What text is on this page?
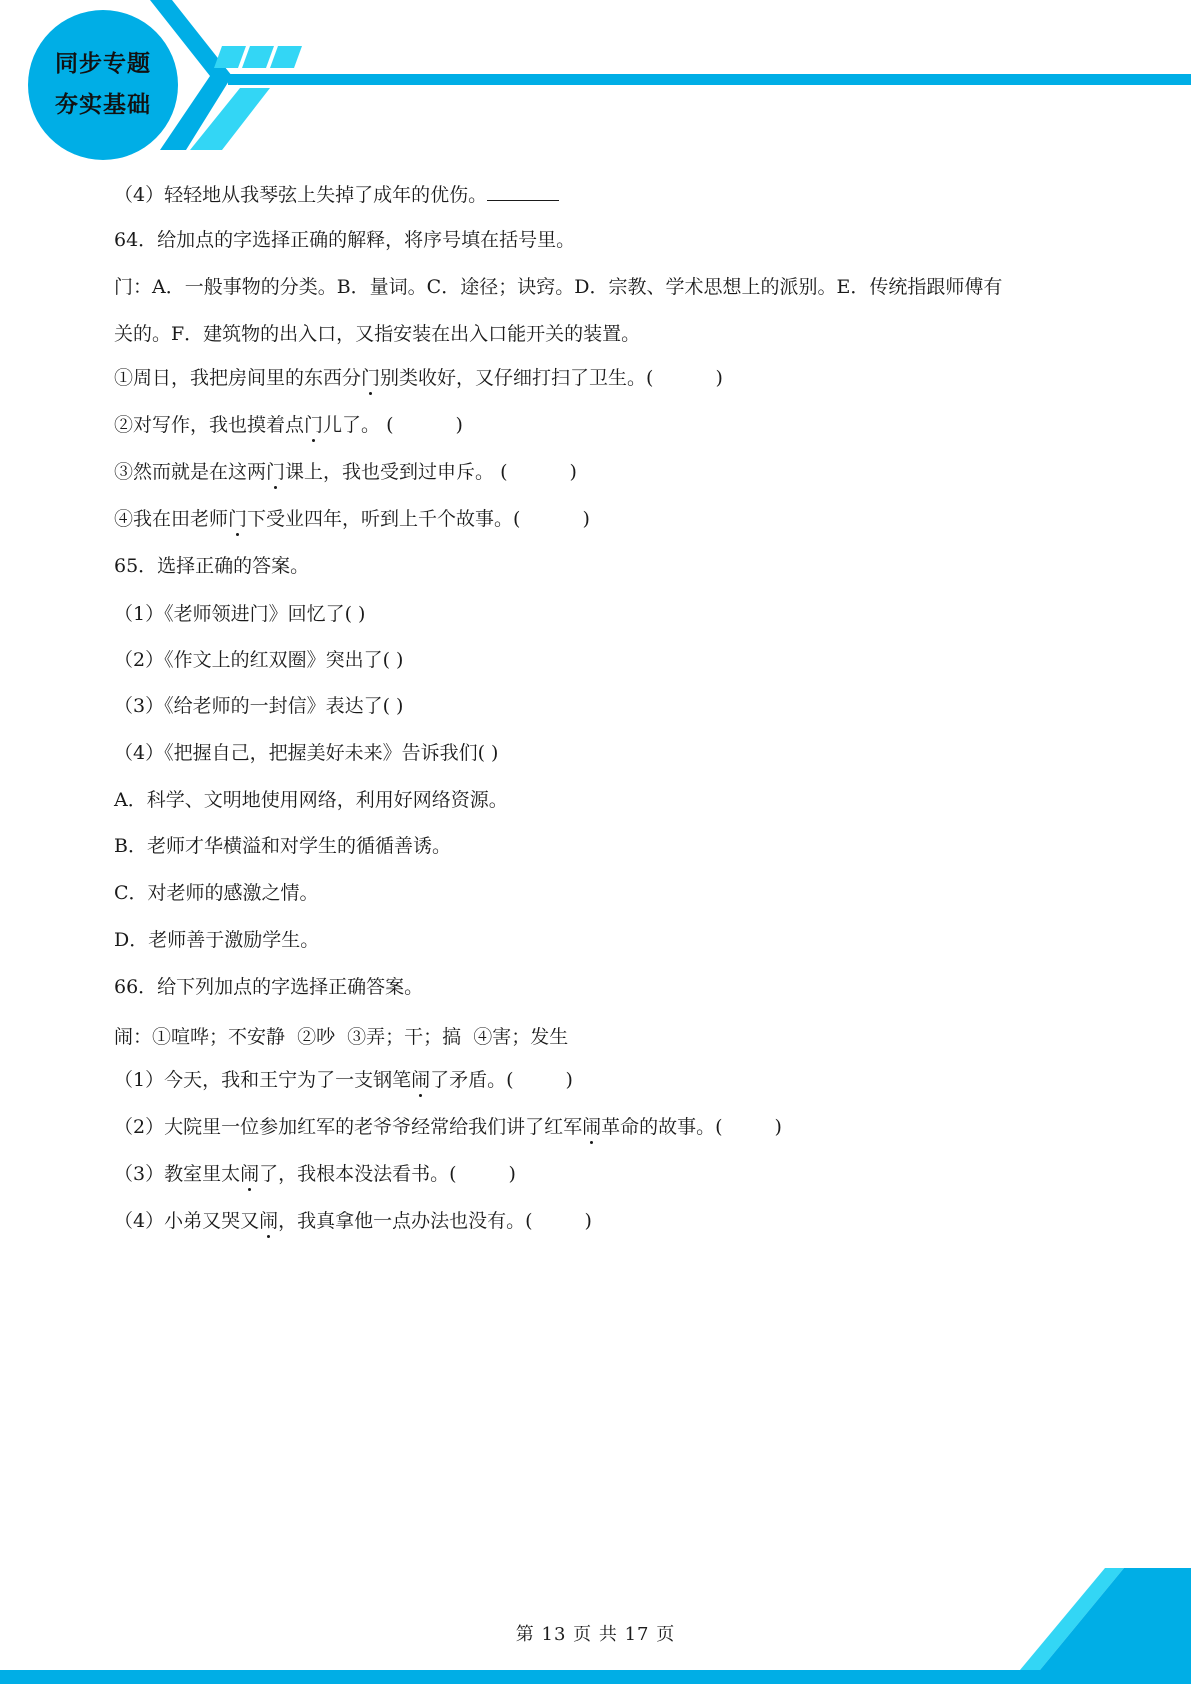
同步专题
夯实基础
（4）轻轻地从我琴弦上失掉了成年的优伤。
64．给加点的字选择正确的解释，将序号填在括号里。
门：A．一般事物的分类。B．量词。C．途径；诀窍。D．宗教、学术思想上的派别。E．传统指跟师傅有
关的。F．建筑物的出入口，又指安装在出入口能开关的装置。
①周日，我把房间里的东西分门别类收好，又仔细打扫了卫生。(	)
②对写作，我也摸着点门儿了。 (	)
③然而就是在这两门课上，我也受到过申斥。 (	)
④我在田老师门下受业四年，听到上千个故事。(	)
65．选择正确的答案。
（1）《老师领进门》回忆了( )
（2）《作文上的红双圈》突出了( )
（3）《给老师的一封信》表达了( )
（4）《把握自己，把握美好未来》告诉我们( )
A．科学、文明地使用网络，利用好网络资源。
B．老师才华横溢和对学生的循循善诱。
C．对老师的感激之情。
D．老师善于激励学生。
66．给下列加点的字选择正确答案。
闹：①喧哗；不安静  ②吵  ③弄；干；搞  ④害；发生
（1）今天，我和王宁为了一支钢笔闹了矛盾。(	)
（2）大院里一位参加红军的老爷爷经常给我们讲了红军闹革命的故事。(	)
（3）教室里太闹了，我根本没法看书。(	)
（4）小弟又哭又闹，我真拿他一点办法也没有。(	)
第 13 页 共 17 页
